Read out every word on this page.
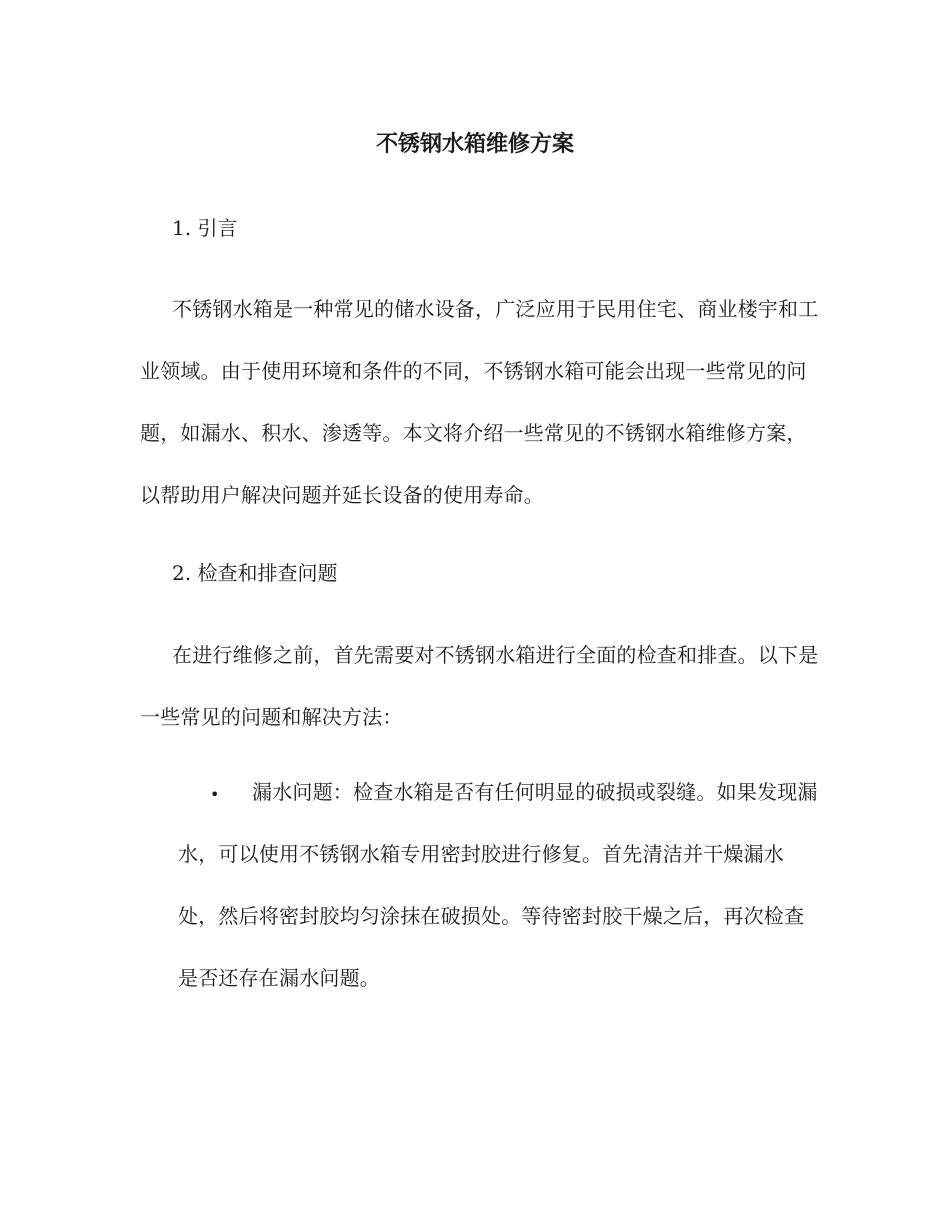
不锈钢水箱维修方案
1. 引言

不锈钢水箱是一种常见的储水设备，广泛应用于民用住宅、商业楼宇和工业领域。由于使用环境和条件的不同，不锈钢水箱可能会出现一些常见的问题，如漏水、积水、渗透等。本文将介绍一些常见的不锈钢水箱维修方案，以帮助用户解决问题并延长设备的使用寿命。

2. 检查和排查问题

在进行维修之前，首先需要对不锈钢水箱进行全面的检查和排查。以下是一些常见的问题和解决方法：

•	漏水问题：检查水箱是否有任何明显的破损或裂缝。如果发现漏水，可以使用不锈钢水箱专用密封胶进行修复。首先清洁并干燥漏水处，然后将密封胶均匀涂抹在破损处。等待密封胶干燥之后，再次检查是否还存在漏水问题。
